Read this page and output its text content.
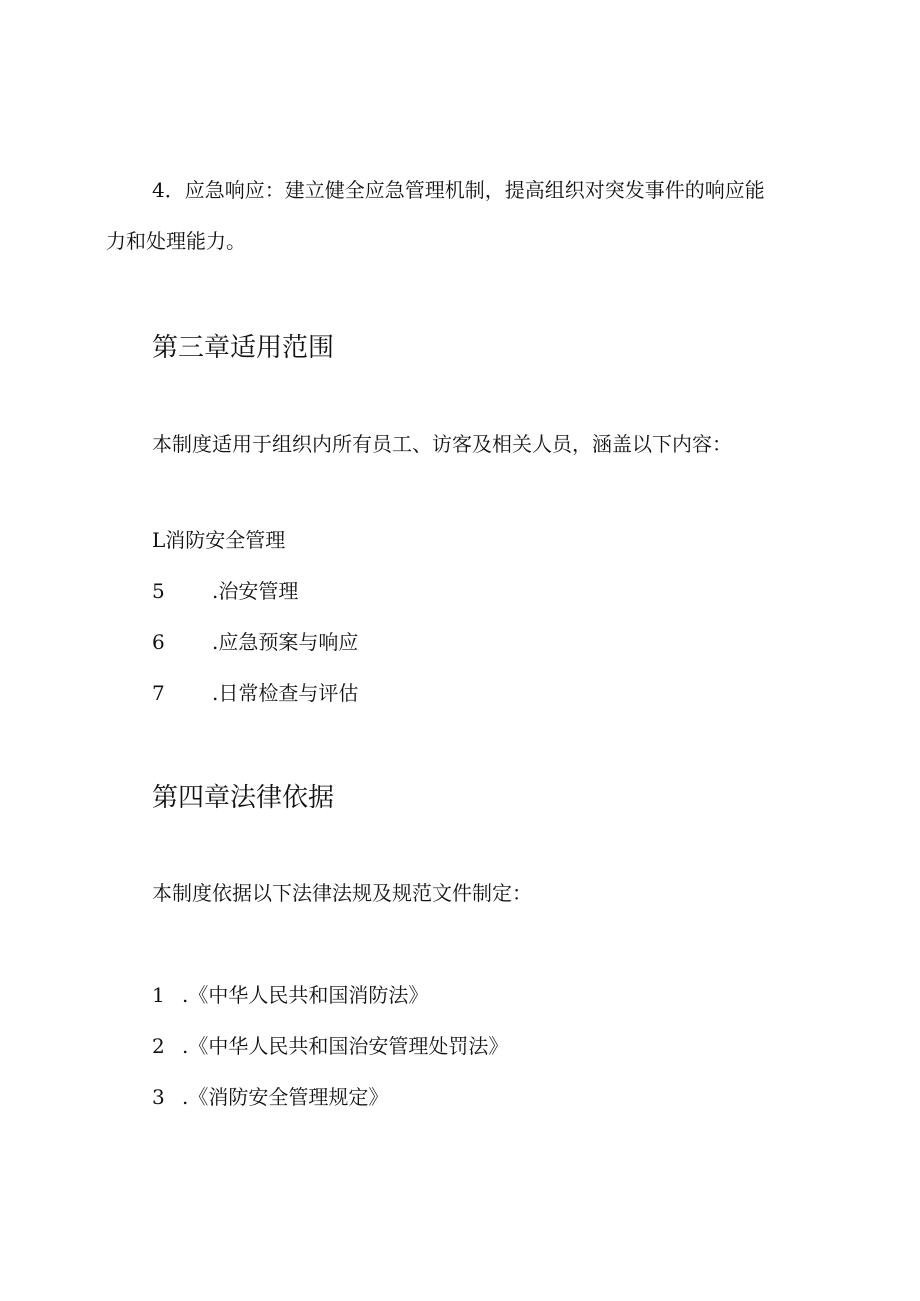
4．应急响应：建立健全应急管理机制，提高组织对突发事件的响应能
力和处理能力。
第三章适用范围
本制度适用于组织内所有员工、访客及相关人员，涵盖以下内容：
L消防安全管理
5 .治安管理
6 .应急预案与响应
7 .日常检查与评估
第四章法律依据
本制度依据以下法律法规及规范文件制定：
1 .《中华人民共和国消防法》
2 .《中华人民共和国治安管理处罚法》
3 .《消防安全管理规定》
